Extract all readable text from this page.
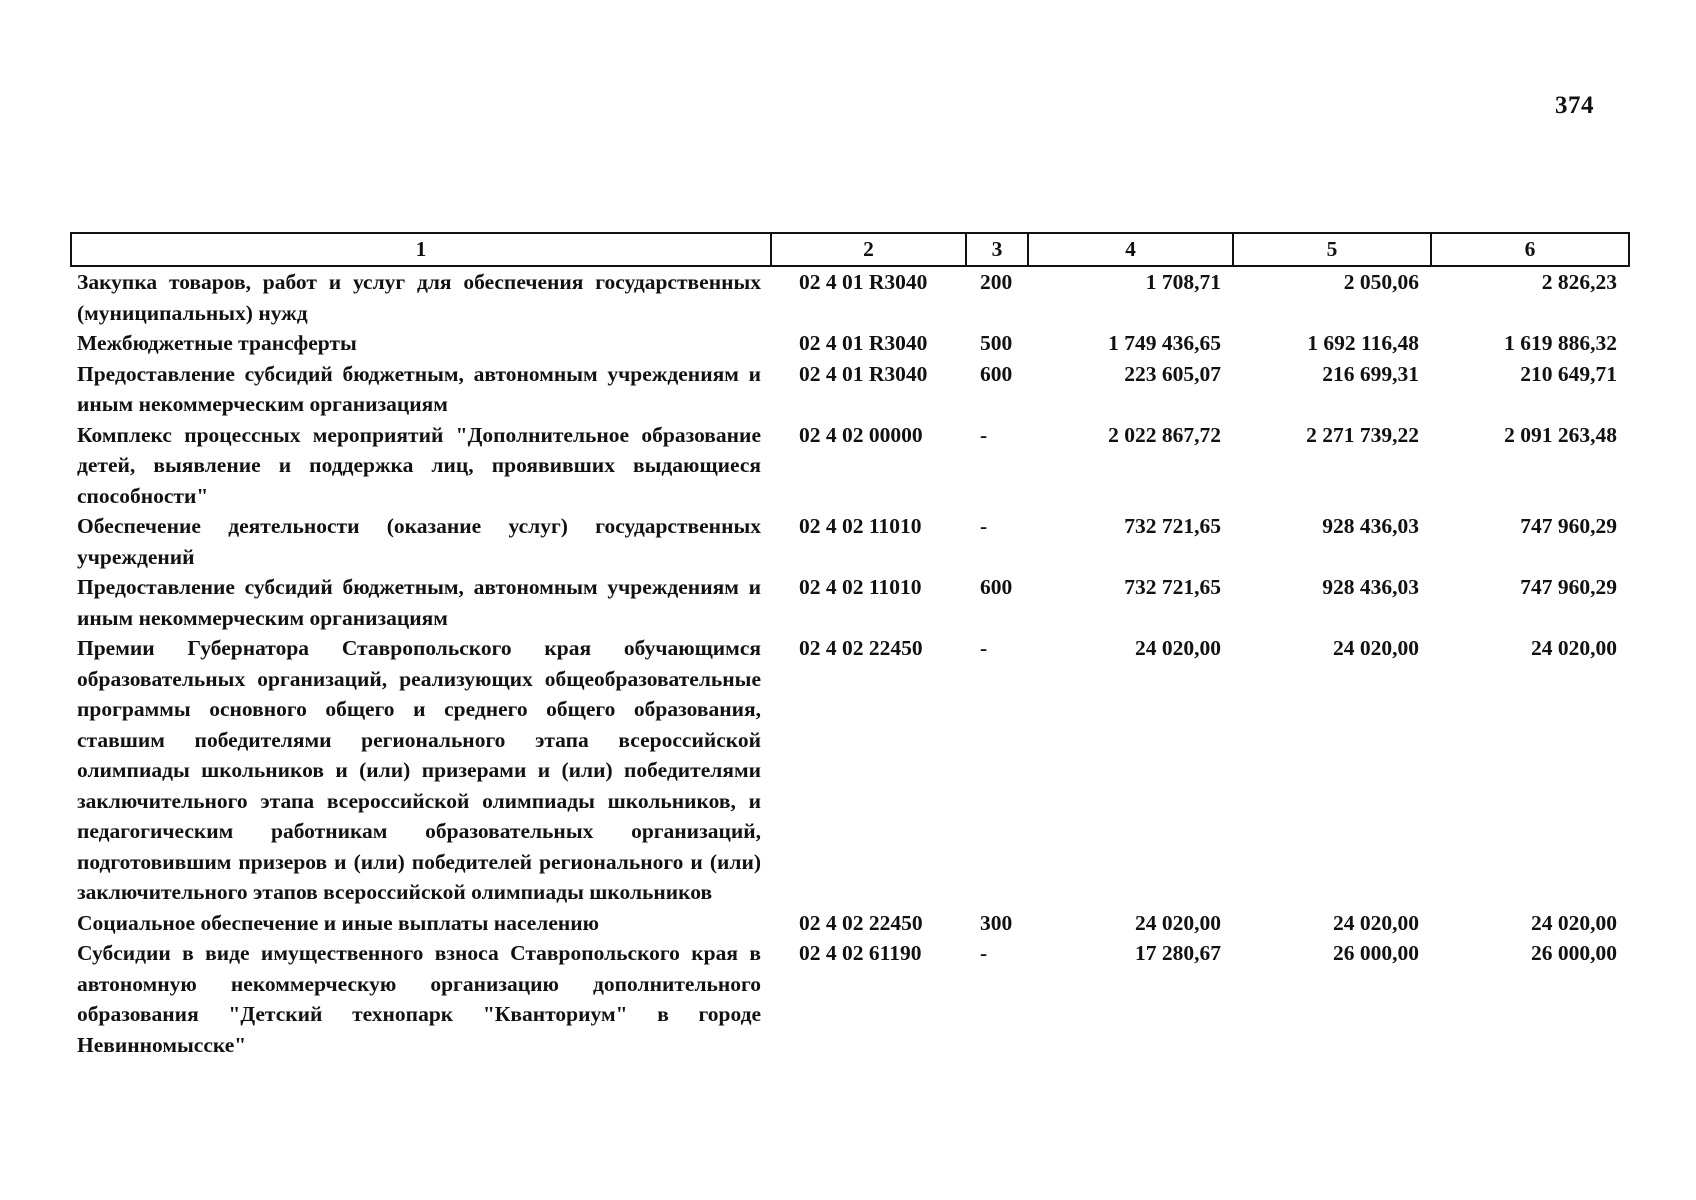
374
1	2	3	4	5	6
Закупка товаров, работ и услуг для обеспечения государственных (муниципальных) нужд	02 4 01 R3040	200	1 708,71	2 050,06	2 826,23
Межбюджетные трансферты	02 4 01 R3040	500	1 749 436,65	1 692 116,48	1 619 886,32
Предоставление субсидий бюджетным, автономным учреждениям и иным некоммерческим организациям	02 4 01 R3040	600	223 605,07	216 699,31	210 649,71
Комплекс процессных мероприятий "Дополнительное образование детей, выявление и поддержка лиц, проявивших выдающиеся способности"	02 4 02 00000	-	2 022 867,72	2 271 739,22	2 091 263,48
Обеспечение деятельности (оказание услуг) государственных учреждений	02 4 02 11010	-	732 721,65	928 436,03	747 960,29
Предоставление субсидий бюджетным, автономным учреждениям и иным некоммерческим организациям	02 4 02 11010	600	732 721,65	928 436,03	747 960,29
Премии Губернатора Ставропольского края обучающимся образовательных организаций, реализующих общеобразовательные программы основного общего и среднего общего образования, ставшим победителями регионального этапа всероссийской олимпиады школьников и (или) призерами и (или) победителями заключительного этапа всероссийской олимпиады школьников, и педагогическим работникам образовательных организаций, подготовившим призеров и (или) победителей регионального и (или) заключительного этапов всероссийской олимпиады школьников	02 4 02 22450	-	24 020,00	24 020,00	24 020,00
Социальное обеспечение и иные выплаты населению	02 4 02 22450	300	24 020,00	24 020,00	24 020,00
Субсидии в виде имущественного взноса Ставропольского края в автономную некоммерческую организацию дополнительного образования "Детский технопарк "Кванториум" в городе Невинномысске"	02 4 02 61190	-	17 280,67	26 000,00	26 000,00
